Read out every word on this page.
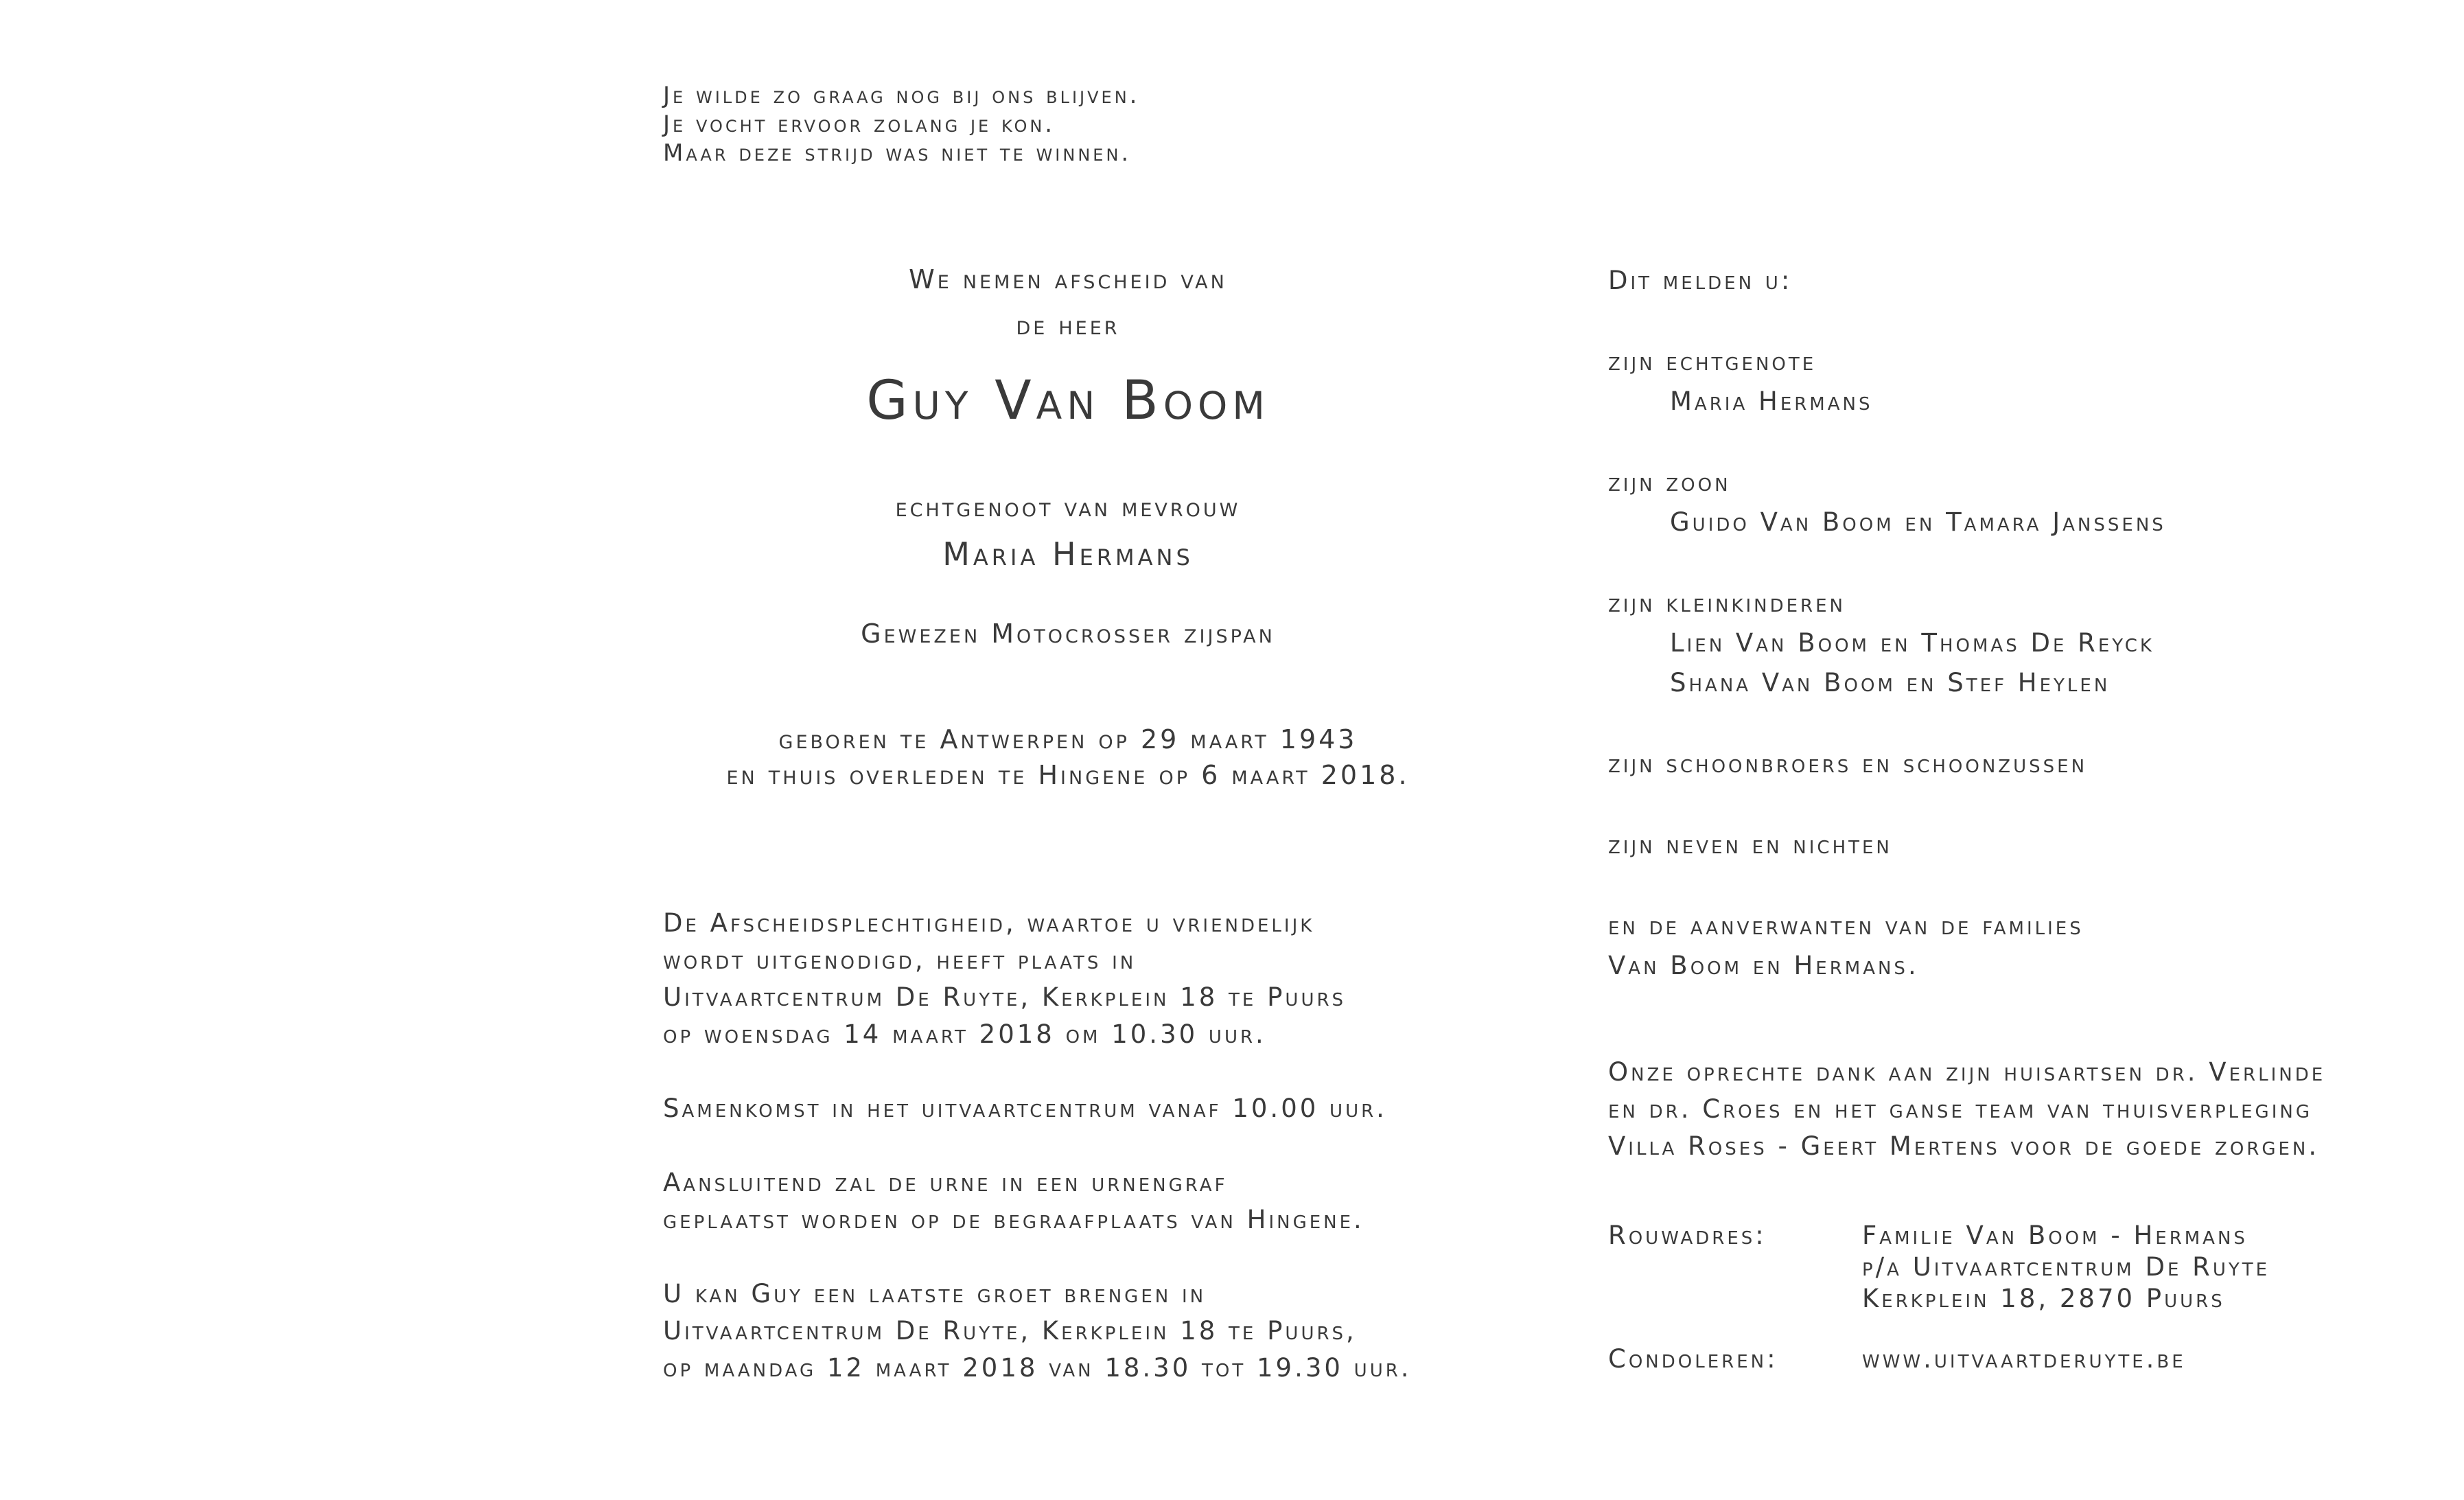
Je wilde zo graag nog bij ons blijven.
Je vocht ervoor zolang je kon.
Maar deze strijd was niet te winnen.
We nemen afscheid van
de heer
Guy Van Boom
echtgenoot van mevrouw
Maria Hermans
Gewezen Motocrosser zijspan
geboren te Antwerpen op 29 maart 1943
en thuis overleden te Hingene op 6 maart 2018.
De Afscheidsplechtigheid, waartoe u vriendelijk
wordt uitgenodigd, heeft plaats in
Uitvaartcentrum De Ruyte, Kerkplein 18 te Puurs
op woensdag 14 maart 2018 om 10.30 uur.
Samenkomst in het uitvaartcentrum vanaf 10.00 uur.
Aansluitend zal de urne in een urnengraf
geplaatst worden op de begraafplaats van Hingene.
U kan Guy een laatste groet brengen in
Uitvaartcentrum De Ruyte, Kerkplein 18 te Puurs,
op maandag 12 maart 2018 van 18.30 tot 19.30 uur.
Dit melden u:
zijn echtgenote
Maria Hermans
zijn zoon
Guido Van Boom en Tamara Janssens
zijn kleinkinderen
Lien Van Boom en Thomas De Reyck
Shana Van Boom en Stef Heylen
zijn schoonbroers en schoonzussen
zijn neven en nichten
en de aanverwanten van de families
Van Boom en Hermans.
Onze oprechte dank aan zijn huisartsen dr. Verlinde
en dr. Croes en het ganse team van thuisverpleging
Villa Roses - Geert Mertens voor de goede zorgen.
Rouwadres:	Familie Van Boom - Hermans
p/a Uitvaartcentrum De Ruyte
Kerkplein 18, 2870 Puurs
Condoleren:	www.uitvaartderuyte.be
